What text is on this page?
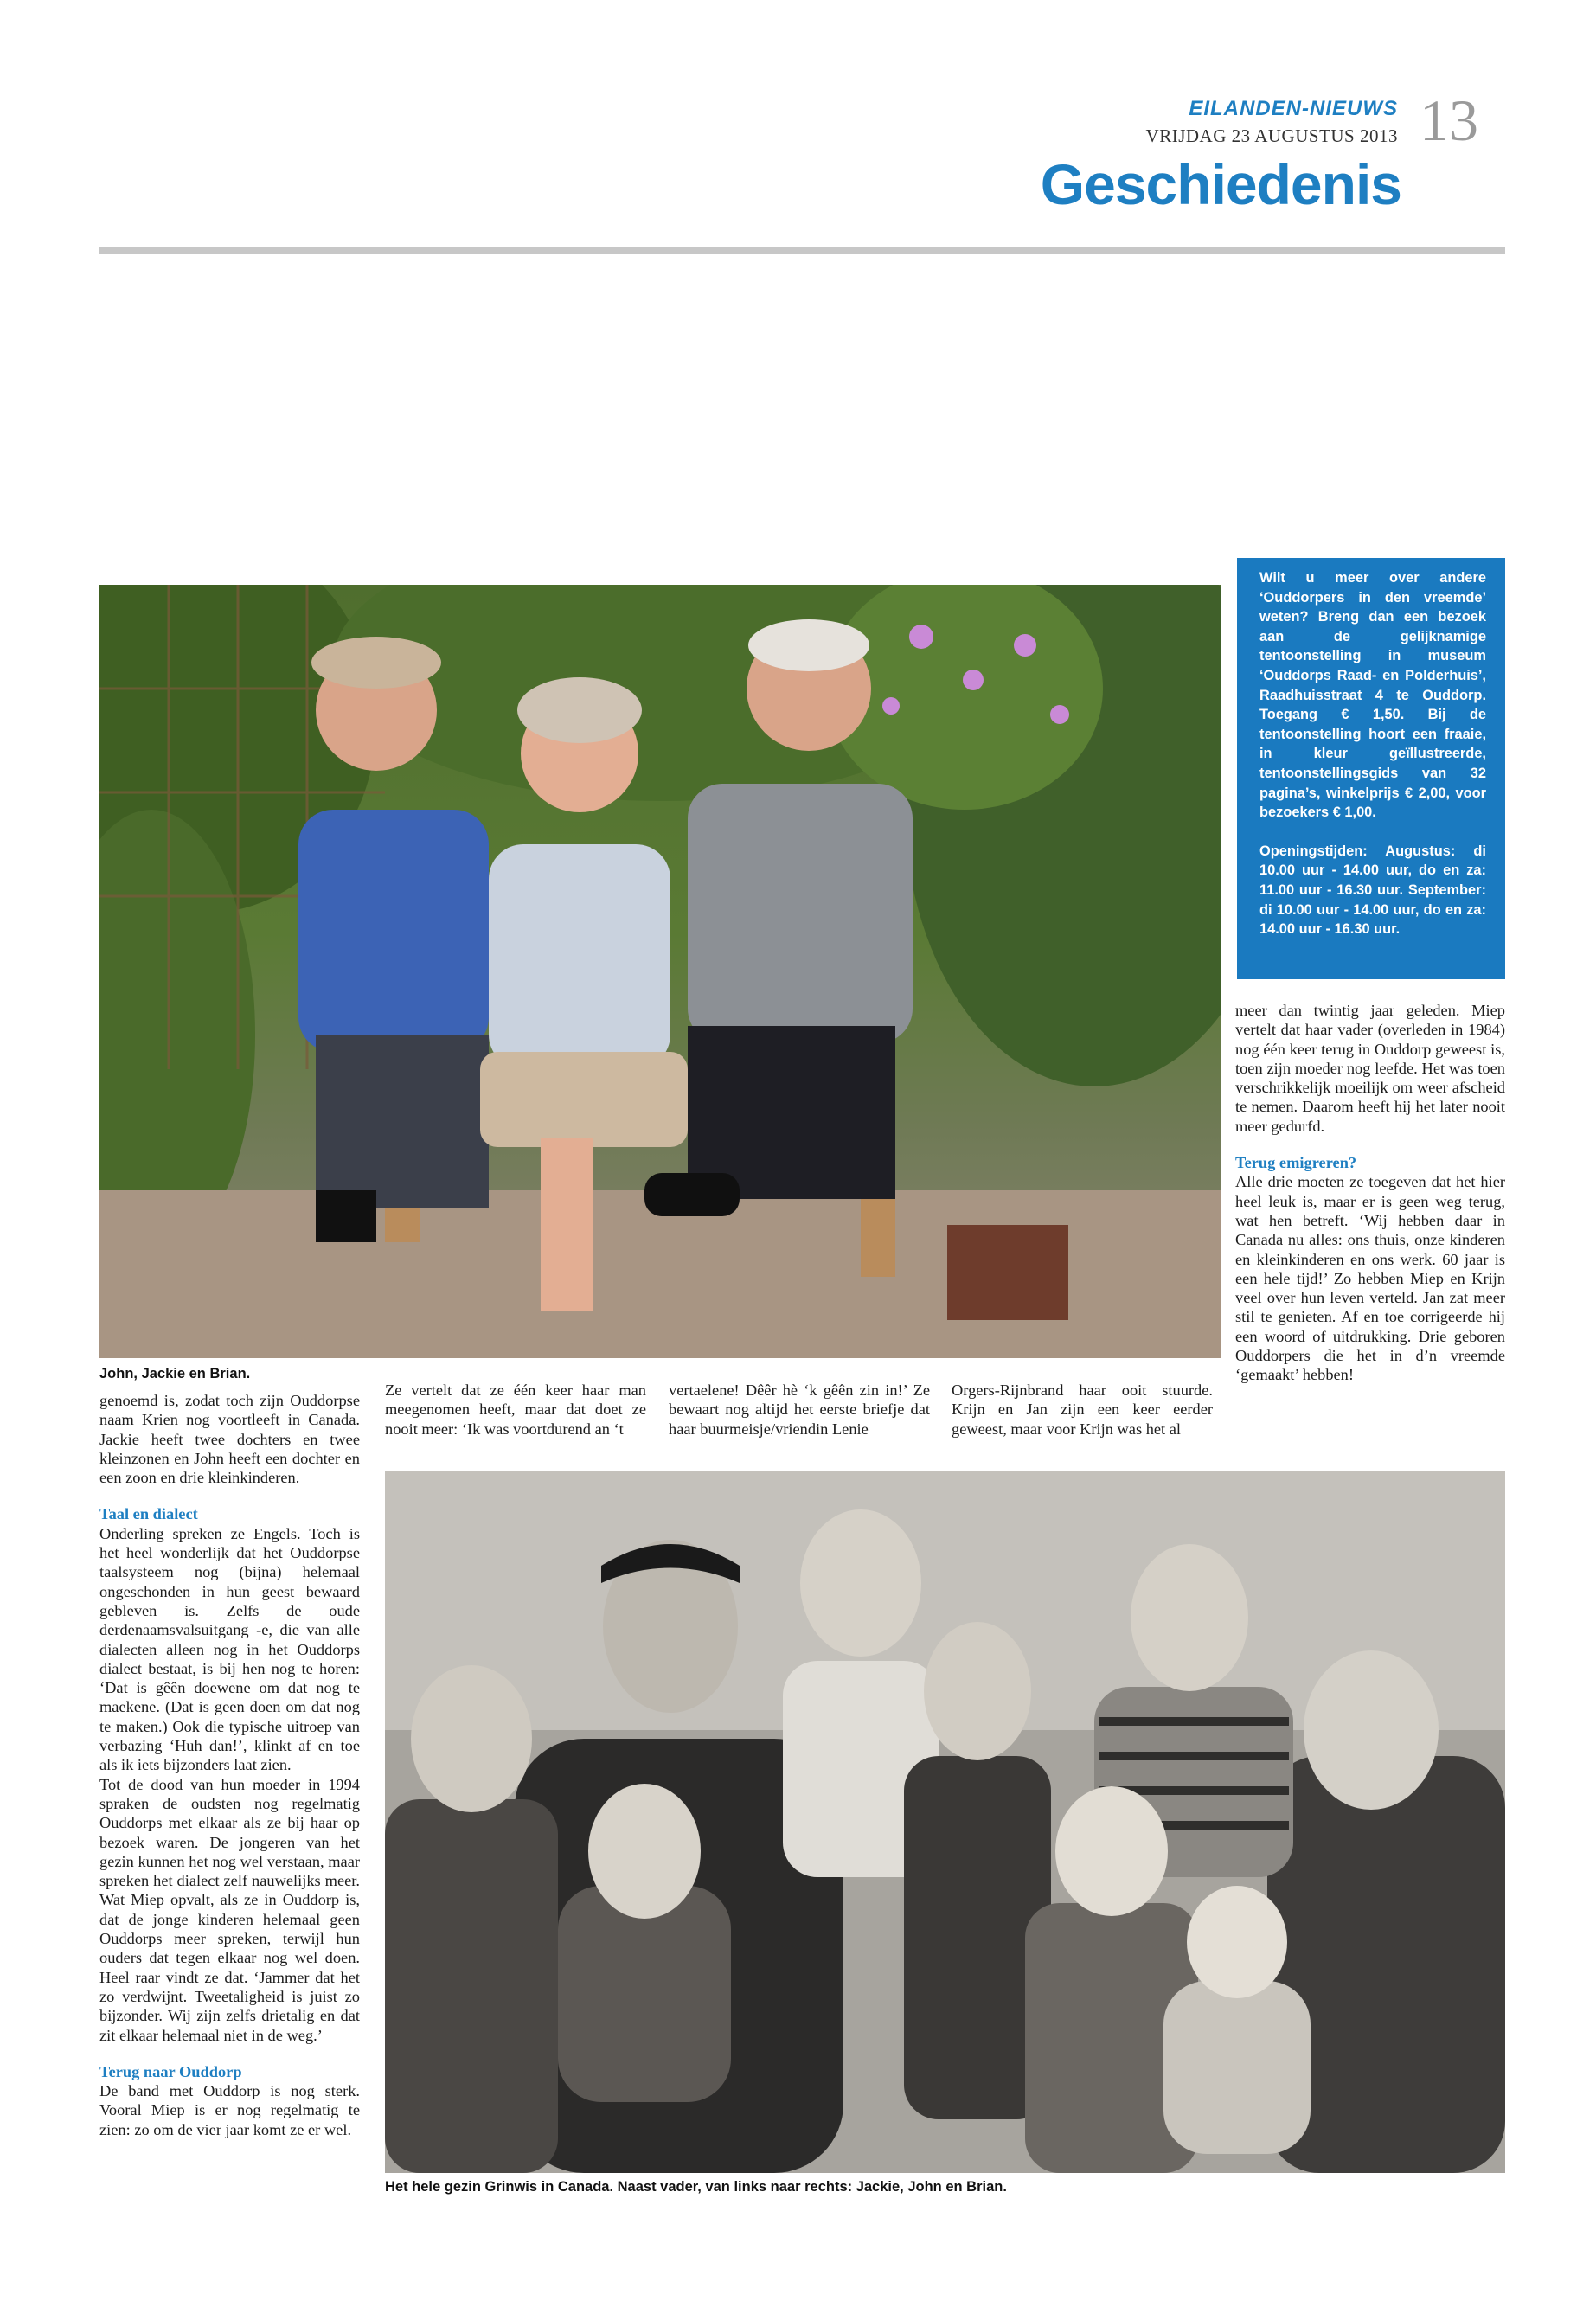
EILANDEN-NIEUWS
VRIJDAG 23 AUGUSTUS 2013 13
Geschiedenis

Wilt u meer over andere ‘Ouddorpers in den vreemde’ weten? Breng dan een bezoek aan de gelijknamige tentoonstelling in museum ‘Ouddorps Raad- en Polderhuis’, Raadhuisstraat 4 te Ouddorp. Toegang € 1,50. Bij de tentoonstelling hoort een fraaie, in kleur geïllustreerde, tentoonstellingsgids van 32 pagina’s, winkelprijs € 2,00, voor bezoekers € 1,00.

Openingstijden: Augustus: di 10.00 uur - 14.00 uur, do en za: 11.00 uur - 16.30 uur. September: di 10.00 uur - 14.00 uur, do en za: 14.00 uur - 16.30 uur.

John, Jackie en Brian.
Het hele gezin Grinwis in Canada. Naast vader, van links naar rechts: Jackie, John en Brian.

genoemd is, zodat toch zijn Ouddorpse naam Krien nog voortleeft in Canada. Jackie heeft twee dochters en twee kleinzonen en John heeft een dochter en een zoon en drie kleinkinderen.

Taal en dialect

Onderling spreken ze Engels. Toch is het heel wonderlijk dat het Ouddorpse taalsysteem nog (bijna) helemaal ongeschonden in hun geest bewaard gebleven is. Zelfs de oude derdenaamsvalsuitgang -e, die van alle dialecten alleen nog in het Ouddorps dialect bestaat, is bij hen nog te horen: ‘Dat is gêên doewene om dat nog te maekene. (Dat is geen doen om dat nog te maken.) Ook die typische uitroep van verbazing ‘Huh dan!’, klinkt af en toe als ik iets bijzonders laat zien.

Tot de dood van hun moeder in 1994 spraken de oudsten nog regelmatig Ouddorps met elkaar als ze bij haar op bezoek waren. De jongeren van het gezin kunnen het nog wel verstaan, maar spreken het dialect zelf nauwelijks meer. Wat Miep opvalt, als ze in Ouddorp is, dat de jonge kinderen helemaal geen Ouddorps meer spreken, terwijl hun ouders dat tegen elkaar nog wel doen. Heel raar vindt ze dat. ‘Jammer dat het zo verdwijnt. Tweetaligheid is juist zo bijzonder. Wij zijn zelfs drietalig en dat zit elkaar helemaal niet in de weg.’

Terug naar Ouddorp

De band met Ouddorp is nog sterk. Vooral Miep is er nog regelmatig te zien: zo om de vier jaar komt ze er wel.

Ze vertelt dat ze één keer haar man meegenomen heeft, maar dat doet ze nooit meer: ‘Ik was voortdurend an ‘t

vertaelene! Dêêr hè ‘k gêên zin in!’ Ze bewaart nog altijd het eerste briefje dat haar buurmeisje/vriendin Lenie

Orgers-Rijnbrand haar ooit stuurde. Krijn en Jan zijn een keer eerder geweest, maar voor Krijn was het al

meer dan twintig jaar geleden. Miep vertelt dat haar vader (overleden in 1984) nog één keer terug in Ouddorp geweest is, toen zijn moeder nog leefde. Het was toen verschrikkelijk moeilijk om weer afscheid te nemen. Daarom heeft hij het later nooit meer gedurfd.

Terug emigreren?

Alle drie moeten ze toegeven dat het hier heel leuk is, maar er is geen weg terug, wat hen betreft. ‘Wij hebben daar in Canada nu alles: ons thuis, onze kinderen en kleinkinderen en ons werk. 60 jaar is een hele tijd!’ Zo hebben Miep en Krijn veel over hun leven verteld. Jan zat meer stil te genieten. Af en toe corrigeerde hij een woord of uitdrukking. Drie geboren Ouddorpers die het in d’n vreemde ‘gemaakt’ hebben!
